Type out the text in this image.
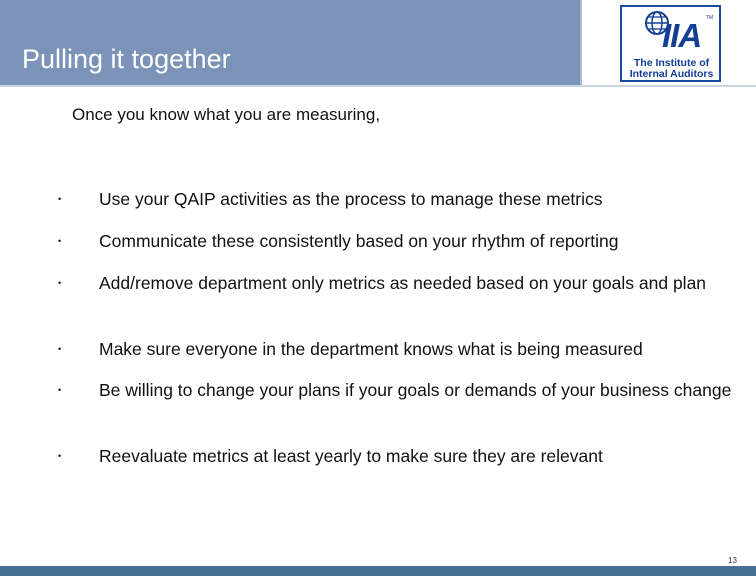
Pulling it together
IIA TM
The Institute of
Internal Auditors
Once you know what you are measuring,
• Use your QAIP activities as the process to manage these metrics
• Communicate these consistently based on your rhythm of reporting
• Add/remove department only metrics as needed based on your goals and plan
• Make sure everyone in the department knows what is being measured
• Be willing to change your plans if your goals or demands of your business change
• Reevaluate metrics at least yearly to make sure they are relevant
13
